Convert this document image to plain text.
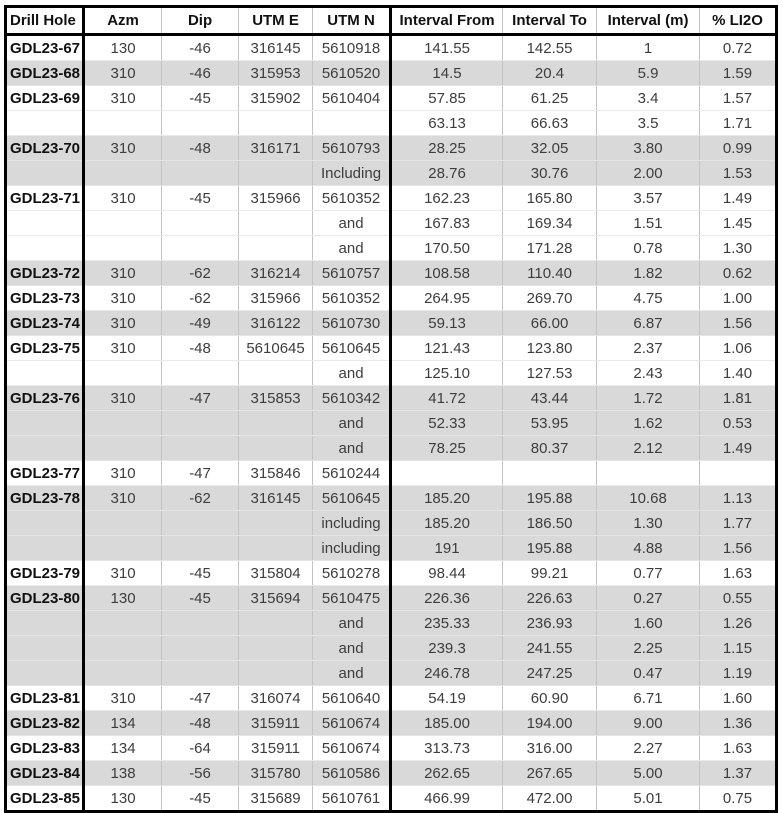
Drill Hole	Azm	Dip	UTM E	UTM N	Interval From	Interval To	Interval (m)	% LI2O
GDL23-67	130	-46	316145	5610918	141.55	142.55	1	0.72
GDL23-68	310	-46	315953	5610520	14.5	20.4	5.9	1.59
GDL23-69	310	-45	315902	5610404	57.85	61.25	3.4	1.57
					63.13	66.63	3.5	1.71
GDL23-70	310	-48	316171	5610793	28.25	32.05	3.80	0.99
				Including	28.76	30.76	2.00	1.53
GDL23-71	310	-45	315966	5610352	162.23	165.80	3.57	1.49
				and	167.83	169.34	1.51	1.45
				and	170.50	171.28	0.78	1.30
GDL23-72	310	-62	316214	5610757	108.58	110.40	1.82	0.62
GDL23-73	310	-62	315966	5610352	264.95	269.70	4.75	1.00
GDL23-74	310	-49	316122	5610730	59.13	66.00	6.87	1.56
GDL23-75	310	-48	5610645	5610645	121.43	123.80	2.37	1.06
				and	125.10	127.53	2.43	1.40
GDL23-76	310	-47	315853	5610342	41.72	43.44	1.72	1.81
				and	52.33	53.95	1.62	0.53
				and	78.25	80.37	2.12	1.49
GDL23-77	310	-47	315846	5610244				
GDL23-78	310	-62	316145	5610645	185.20	195.88	10.68	1.13
				including	185.20	186.50	1.30	1.77
				including	191	195.88	4.88	1.56
GDL23-79	310	-45	315804	5610278	98.44	99.21	0.77	1.63
GDL23-80	130	-45	315694	5610475	226.36	226.63	0.27	0.55
				and	235.33	236.93	1.60	1.26
				and	239.3	241.55	2.25	1.15
				and	246.78	247.25	0.47	1.19
GDL23-81	310	-47	316074	5610640	54.19	60.90	6.71	1.60
GDL23-82	134	-48	315911	5610674	185.00	194.00	9.00	1.36
GDL23-83	134	-64	315911	5610674	313.73	316.00	2.27	1.63
GDL23-84	138	-56	315780	5610586	262.65	267.65	5.00	1.37
GDL23-85	130	-45	315689	5610761	466.99	472.00	5.01	0.75
